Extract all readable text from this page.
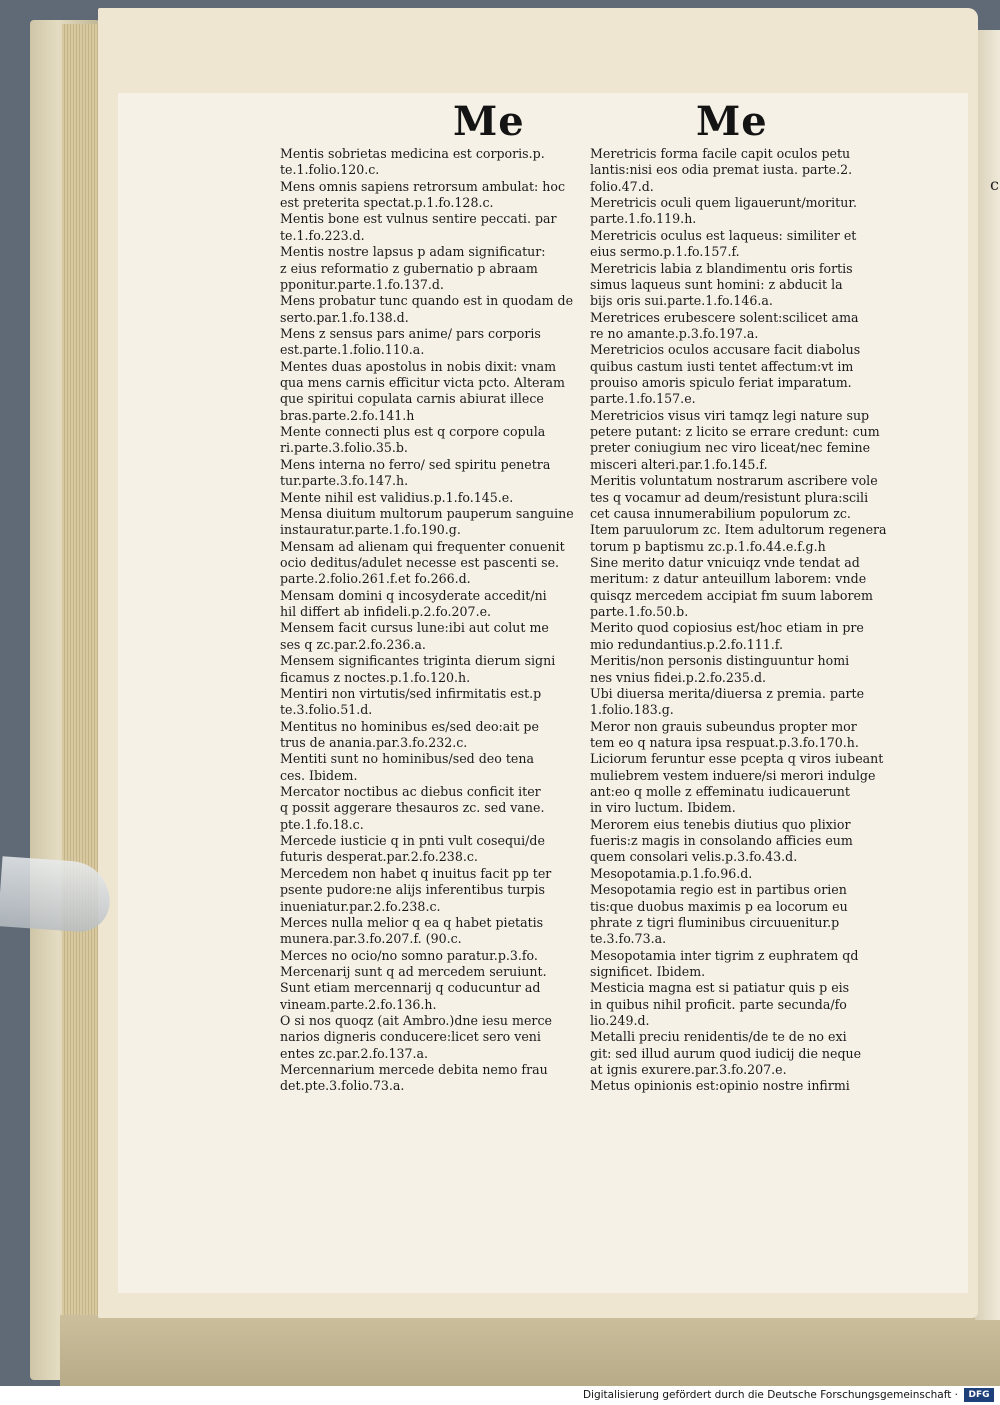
c
Me	Me
Mentis sobrietas medicina est corporis.p.
te.1.folio.120.c.
Mens omnis sapiens retrorsum ambulat: hoc
est preterita spectat.p.1.fo.128.c.
Mentis bone est vulnus sentire peccati. par
te.1.fo.223.d.
Mentis nostre lapsus p adam significatur:
z eius reformatio z gubernatio p abraam
pponitur.parte.1.fo.137.d.
Mens probatur tunc quando est in quodam de
serto.par.1.fo.138.d.
Mens z sensus pars anime/ pars corporis
est.parte.1.folio.110.a.
Mentes duas apostolus in nobis dixit: vnam
qua mens carnis efficitur victa pcto. Alteram
que spiritui copulata carnis abiurat illece
bras.parte.2.fo.141.h
Mente connecti plus est q corpore copula
ri.parte.3.folio.35.b.
Mens interna no ferro/ sed spiritu penetra
tur.parte.3.fo.147.h.
Mente nihil est validius.p.1.fo.145.e.
Mensa diuitum multorum pauperum sanguine
instauratur.parte.1.fo.190.g.
Mensam ad alienam qui frequenter conuenit
ocio deditus/adulet necesse est pascenti se.
parte.2.folio.261.f.et fo.266.d.
Mensam domini q incosyderate accedit/ni
hil differt ab infideli.p.2.fo.207.e.
Mensem facit cursus lune:ibi aut colut me
ses q zc.par.2.fo.236.a.
Mensem significantes triginta dierum signi
ficamus z noctes.p.1.fo.120.h.
Mentiri non virtutis/sed infirmitatis est.p
te.3.folio.51.d.
Mentitus no hominibus es/sed deo:ait pe
trus de anania.par.3.fo.232.c.
Mentiti sunt no hominibus/sed deo tena
ces. Ibidem.
Mercator noctibus ac diebus conficit iter
q possit aggerare thesauros zc. sed vane.
pte.1.fo.18.c.
Mercede iusticie q in pnti vult cosequi/de
futuris desperat.par.2.fo.238.c.
Mercedem non habet q inuitus facit pp ter
psente pudore:ne alijs inferentibus turpis
inueniatur.par.2.fo.238.c.
Merces nulla melior q ea q habet pietatis
munera.par.3.fo.207.f. (90.c.
Merces no ocio/no somno paratur.p.3.fo.
Mercenarij sunt q ad mercedem seruiunt.
Sunt etiam mercennarij q coducuntur ad
vineam.parte.2.fo.136.h.
O si nos quoqz (ait Ambro.)dne iesu merce
narios digneris conducere:licet sero veni
entes zc.par.2.fo.137.a.
Mercennarium mercede debita nemo frau
det.pte.3.folio.73.a.
Meretricis forma facile capit oculos petu
lantis:nisi eos odia premat iusta. parte.2.
folio.47.d.
Meretricis oculi quem ligauerunt/moritur.
parte.1.fo.119.h.
Meretricis oculus est laqueus: similiter et
eius sermo.p.1.fo.157.f.
Meretricis labia z blandimentu oris fortis
simus laqueus sunt homini: z abducit la
bijs oris sui.parte.1.fo.146.a.
Meretrices erubescere solent:scilicet ama
re no amante.p.3.fo.197.a.
Meretricios oculos accusare facit diabolus
quibus castum iusti tentet affectum:vt im
prouiso amoris spiculo feriat imparatum.
parte.1.fo.157.e.
Meretricios visus viri tamqz legi nature sup
petere putant: z licito se errare credunt: cum
preter coniugium nec viro liceat/nec femine
misceri alteri.par.1.fo.145.f.
Meritis voluntatum nostrarum ascribere vole
tes q vocamur ad deum/resistunt plura:scili
cet causa innumerabilium populorum zc.
Item paruulorum zc. Item adultorum regenera
torum p baptismu zc.p.1.fo.44.e.f.g.h
Sine merito datur vnicuiqz vnde tendat ad
meritum: z datur anteuillum laborem: vnde
quisqz mercedem accipiat fm suum laborem
parte.1.fo.50.b.
Merito quod copiosius est/hoc etiam in pre
mio redundantius.p.2.fo.111.f.
Meritis/non personis distinguuntur homi
nes vnius fidei.p.2.fo.235.d.
Ubi diuersa merita/diuersa z premia. parte
1.folio.183.g.
Meror non grauis subeundus propter mor
tem eo q natura ipsa respuat.p.3.fo.170.h.
Liciorum feruntur esse pcepta q viros iubeant
muliebrem vestem induere/si merori indulge
ant:eo q molle z effeminatu iudicauerunt
in viro luctum. Ibidem.
Merorem eius tenebis diutius quo plixior
fueris:z magis in consolando afficies eum
quem consolari velis.p.3.fo.43.d.
Mesopotamia.p.1.fo.96.d.
Mesopotamia regio est in partibus orien
tis:que duobus maximis p ea locorum eu
phrate z tigri fluminibus circuuenitur.p
te.3.fo.73.a.
Mesopotamia inter tigrim z euphratem qd
significet. Ibidem.
Mesticia magna est si patiatur quis p eis
in quibus nihil proficit. parte secunda/fo
lio.249.d.
Metalli preciu renidentis/de te de no exi
git: sed illud aurum quod iudicij die neque
at ignis exurere.par.3.fo.207.e.
Metus opinionis est:opinio nostre infirmi
Digitalisierung gefördert durch die Deutsche Forschungsgemeinschaft ·	DFG
